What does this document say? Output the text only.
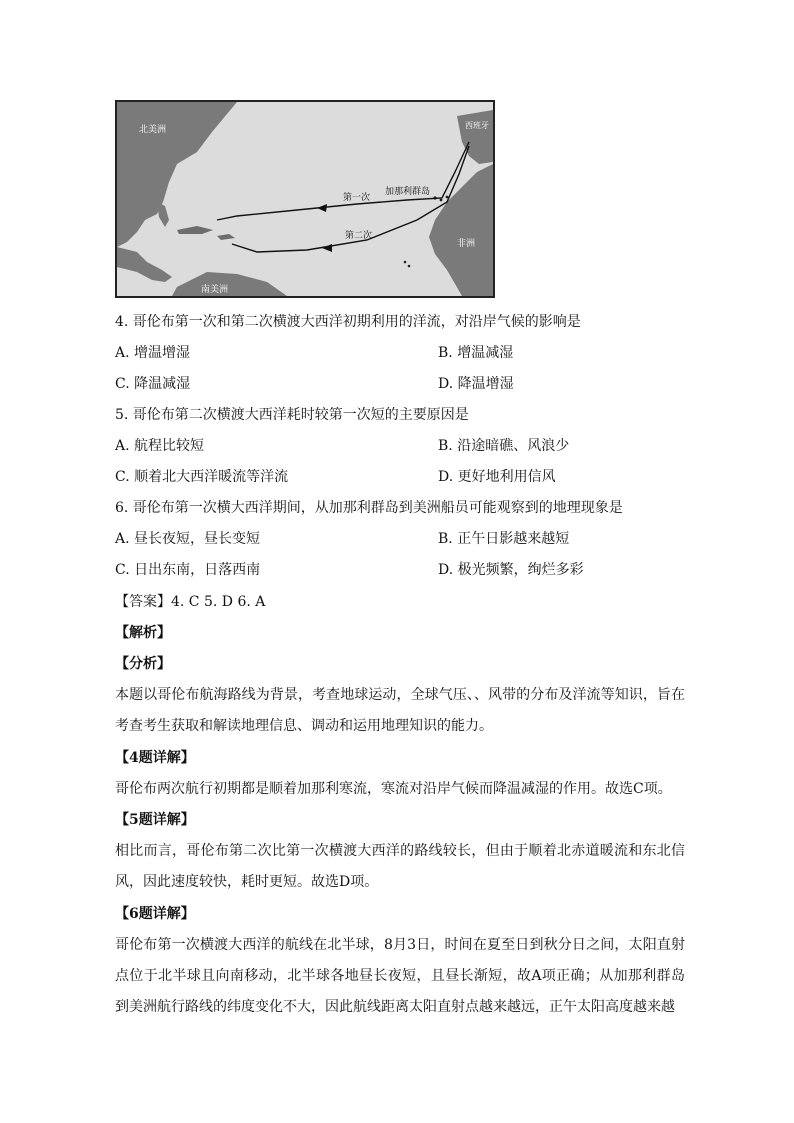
北美洲	西班牙
第一次
加那利群岛
第二次
非洲
南美洲
4. 哥伦布第一次和第二次横渡大西洋初期利用的洋流，对沿岸气候的影响是
A. 增温增湿	B. 增温减湿
C. 降温减湿	D. 降温增湿
5. 哥伦布第二次横渡大西洋耗时较第一次短的主要原因是
A. 航程比较短	B. 沿途暗礁、风浪少
C. 顺着北大西洋暖流等洋流	D. 更好地利用信风
6. 哥伦布第一次横大西洋期间，从加那利群岛到美洲船员可能观察到的地理现象是
A. 昼长夜短，昼长变短	B. 正午日影越来越短
C. 日出东南，日落西南	D. 极光频繁，绚烂多彩
【答案】4. C 5. D 6. A
【解析】
【分析】
本题以哥伦布航海路线为背景，考查地球运动，全球气压、、风带的分布及洋流等知识，旨在考查考生获取和解读地理信息、调动和运用地理知识的能力。
【4题详解】
哥伦布两次航行初期都是顺着加那利寒流，寒流对沿岸气候而降温减湿的作用。故选C项。
【5题详解】
相比而言，哥伦布第二次比第一次横渡大西洋的路线较长，但由于顺着北赤道暖流和东北信风，因此速度较快，耗时更短。故选D项。
【6题详解】
哥伦布第一次横渡大西洋的航线在北半球，8月3日，时间在夏至日到秋分日之间，太阳直射点位于北半球且向南移动，北半球各地昼长夜短，且昼长渐短，故A项正确；从加那利群岛到美洲航行路线的纬度变化不大，因此航线距离太阳直射点越来越远，正午太阳高度越来越
